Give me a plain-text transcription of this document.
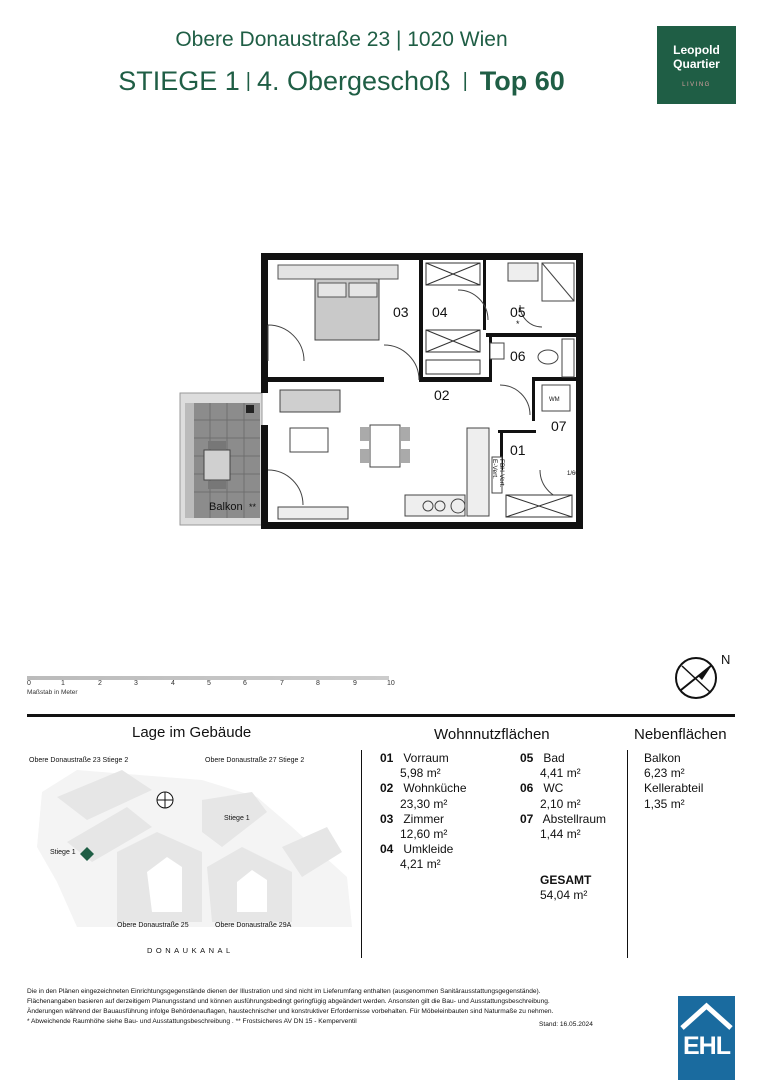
Obere Donaustraße 23 | 1020 Wien
STIEGE 1 | 4. Obergeschoß | Top 60
Leopold
Quartier
LIVING
03 04	05
*
06
02
01
07
WM
FBH-Vert.
E-Vert.	1/60
Balkon **
0	1	2	3	4	5	6	7	8	9	10
Maßstab in Meter
N
Lage im Gebäude	Wohnnutzflächen	Nebenflächen
Obere Donaustraße 23 Stiege 2	Obere Donaustraße 27 Stiege 2
Stiege 1
Stiege 1
Obere Donaustraße 25	Obere Donaustraße 29A
DONAUKANAL
01 Vorraum
5,98 m²
02 Wohnküche
23,30 m²
03 Zimmer
12,60 m²
04 Umkleide
4,21 m²
05 Bad
4,41 m²
06 WC
2,10 m²
07 Abstellraum
1,44 m²
GESAMT
54,04 m²
Balkon
6,23 m²
Kellerabteil
1,35 m²

Die in den Plänen eingezeichneten Einrichtungsgegenstände dienen der Illustration und sind nicht im Lieferumfang enthalten (ausgenommen Sanitärausstattungsgegenstände).

Flächenangaben basieren auf derzeitigem Planungsstand und können ausführungsbedingt geringfügig abgeändert werden. Ansonsten gilt die Bau- und Ausstattungsbeschreibung.

Änderungen während der Bauausführung infolge Behördenauflagen, haustechnischer und konstruktiver Erfordernisse vorbehalten. Für Möbeleinbauten sind Naturmaße zu nehmen.

* Abweichende Raumhöhe siehe Bau- und Ausstattungsbeschreibung . ** Frostsicheres AV DN 15 - Kemperventil	Stand: 16.05.2024
EHL
